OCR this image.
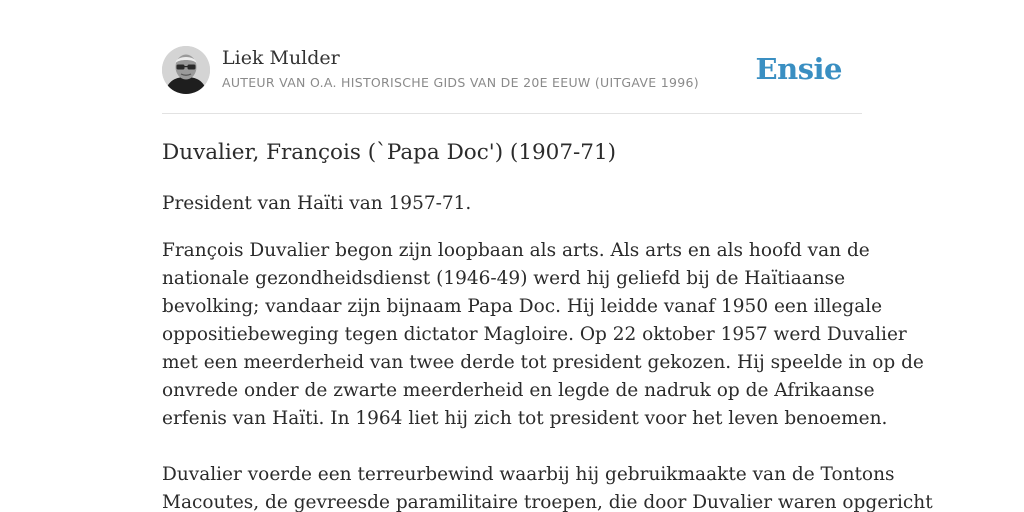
Liek Mulder
AUTEUR VAN O.A. HISTORISCHE GIDS VAN DE 20E EEUW (UITGAVE 1996) Ensie
Duvalier, François (`Papa Doc') (1907-71)

President van Haïti van 1957-71.

François Duvalier begon zijn loopbaan als arts. Als arts en als hoofd van de
nationale gezondheidsdienst (1946-49) werd hij geliefd bij de Haïtiaanse
bevolking; vandaar zijn bijnaam Papa Doc. Hij leidde vanaf 1950 een illegale
oppositiebeweging tegen dictator Magloire. Op 22 oktober 1957 werd Duvalier
met een meerderheid van twee derde tot president gekozen. Hij speelde in op de
onvrede onder de zwarte meerderheid en legde de nadruk op de Afrikaanse
erfenis van Haïti. In 1964 liet hij zich tot president voor het leven benoemen.
Duvalier voerde een terreurbewind waarbij hij gebruikmaakte van de Tontons
Macoutes, de gevreesde paramilitaire troepen, die door Duvalier waren opgericht
